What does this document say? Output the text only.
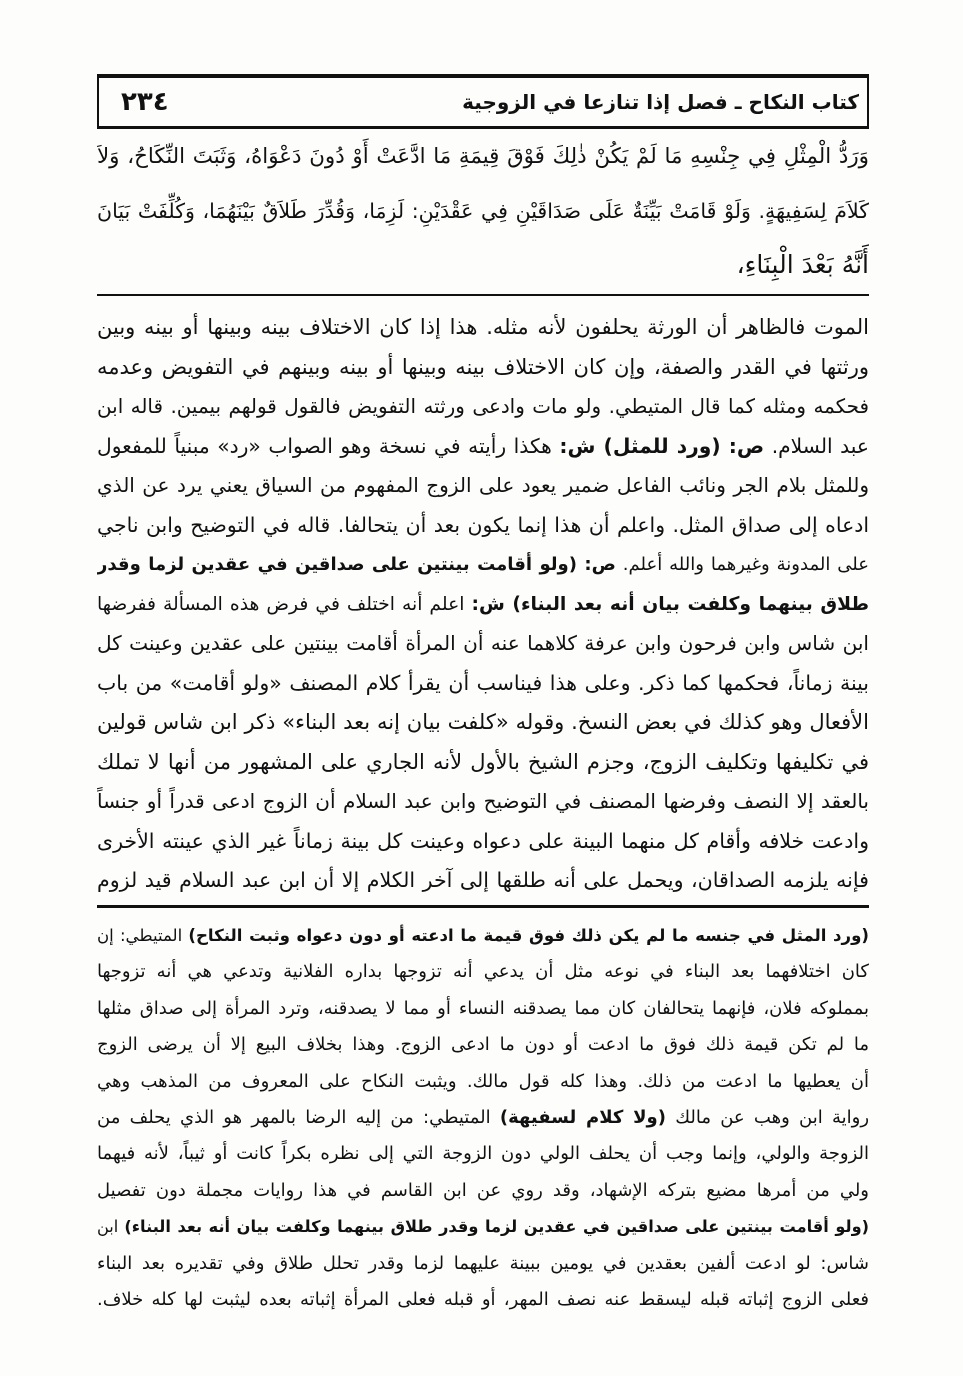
٢٣٤	كتاب النكاح ـ فصل إذا تنازعا في الزوجية
وَرَدُّ الْمِثْلِ فِي جِنْسِهِ مَا لَمْ يَكُنْ ذٰلِكَ فَوْقَ قِيمَةِ مَا ادَّعَتْ أَوْ دُونَ دَعْوَاهُ، وَثَبَتَ النِّكَاحُ، وَلاَ
كَلاَمَ لِسَفِيهَةٍ. وَلَوْ قَامَتْ بَيِّنَةٌ عَلَى صَدَاقَيْنِ فِي عَقْدَيْنِ: لَزِمَا، وَقُدِّرَ طَلاَقٌ بَيْنَهُمَا، وَكُلِّفَتْ بَيَانَ
أَنَّهُ بَعْدَ الْبِنَاءِ،
الموت فالظاهر أن الورثة يحلفون لأنه مثله. هذا إذا كان الاختلاف بينه وبينها أو بينه وبين
ورثتها في القدر والصفة، وإن كان الاختلاف بينه وبينها أو بينه وبينهم في التفويض وعدمه
فحكمه ومثله كما قال المتيطي. ولو مات وادعى ورثته التفويض فالقول قولهم بيمين. قاله ابن
عبد السلام. ص: (ورد للمثل) ش: هكذا رأيته في نسخة وهو الصواب «رد» مبنياً للمفعول
وللمثل بلام الجر ونائب الفاعل ضمير يعود على الزوج المفهوم من السياق يعني يرد عن الذي
ادعاه إلى صداق المثل. واعلم أن هذا إنما يكون بعد أن يتحالفا. قاله في التوضيح وابن ناجي
على المدونة وغيرهما والله أعلم. ص: (ولو أقامت بينتين على صداقين في عقدين لزما وقدر
طلاق بينهما وكلفت بيان أنه بعد البناء) ش: اعلم أنه اختلف في فرض هذه المسألة ففرضها
ابن شاس وابن فرحون وابن عرفة كلاهما عنه أن المرأة أقامت بينتين على عقدين وعينت كل
بينة زماناً، فحكمها كما ذكر. وعلى هذا فيناسب أن يقرأ كلام المصنف «ولو أقامت» من باب
الأفعال وهو كذلك في بعض النسخ. وقوله «كلفت بيان إنه بعد البناء» ذكر ابن شاس قولين
في تكليفها وتكليف الزوج، وجزم الشيخ بالأول لأنه الجاري على المشهور من أنها لا تملك
بالعقد إلا النصف وفرضها المصنف في التوضيح وابن عبد السلام أن الزوج ادعى قدراً أو جنساً
وادعت خلافه وأقام كل منهما البينة على دعواه وعينت كل بينة زماناً غير الذي عينته الأخرى
فإنه يلزمه الصداقان، ويحمل على أنه طلقها إلى آخر الكلام إلا أن ابن عبد السلام قيد لزوم
(ورد المثل في جنسه ما لم يكن ذلك فوق قيمة ما ادعته أو دون دعواه وثبت النكاح) المتيطي: إن
كان اختلافهما بعد البناء في نوعه مثل أن يدعي أنه تزوجها بداره الفلانية وتدعي هي أنه تزوجها
بمملوكه فلان، فإنهما يتحالفان كان مما يصدقنه النساء أو مما لا يصدقنه، وترد المرأة إلى صداق مثلها
ما لم تكن قيمة ذلك فوق ما ادعت أو دون ما ادعى الزوج. وهذا بخلاف البيع إلا أن يرضى الزوج
أن يعطيها ما ادعت من ذلك. وهذا كله قول مالك. ويثبت النكاح على المعروف من المذهب وهي
رواية ابن وهب عن مالك (ولا كلام لسفيهة) المتيطي: من إليه الرضا بالمهر هو الذي يحلف من
الزوجة والولي، وإنما وجب أن يحلف الولي دون الزوجة التي إلى نظره بكراً كانت أو ثيباً، لأنه فيهما
ولي من أمرها مضيع بتركه الإشهاد، وقد روي عن ابن القاسم في هذا روايات مجملة دون تفصيل
(ولو أقامت بينتين على صداقين في عقدين لزما وقدر طلاق بينهما وكلفت بيان أنه بعد البناء) ابن
شاس: لو ادعت ألفين بعقدين في يومين ببينة عليهما لزما وقدر تحلل طلاق وفي تقديره بعد البناء
فعلى الزوج إثباته قبله ليسقط عنه نصف المهر، أو قبله فعلى المرأة إثباته بعده ليثبت لها كله خلاف.
